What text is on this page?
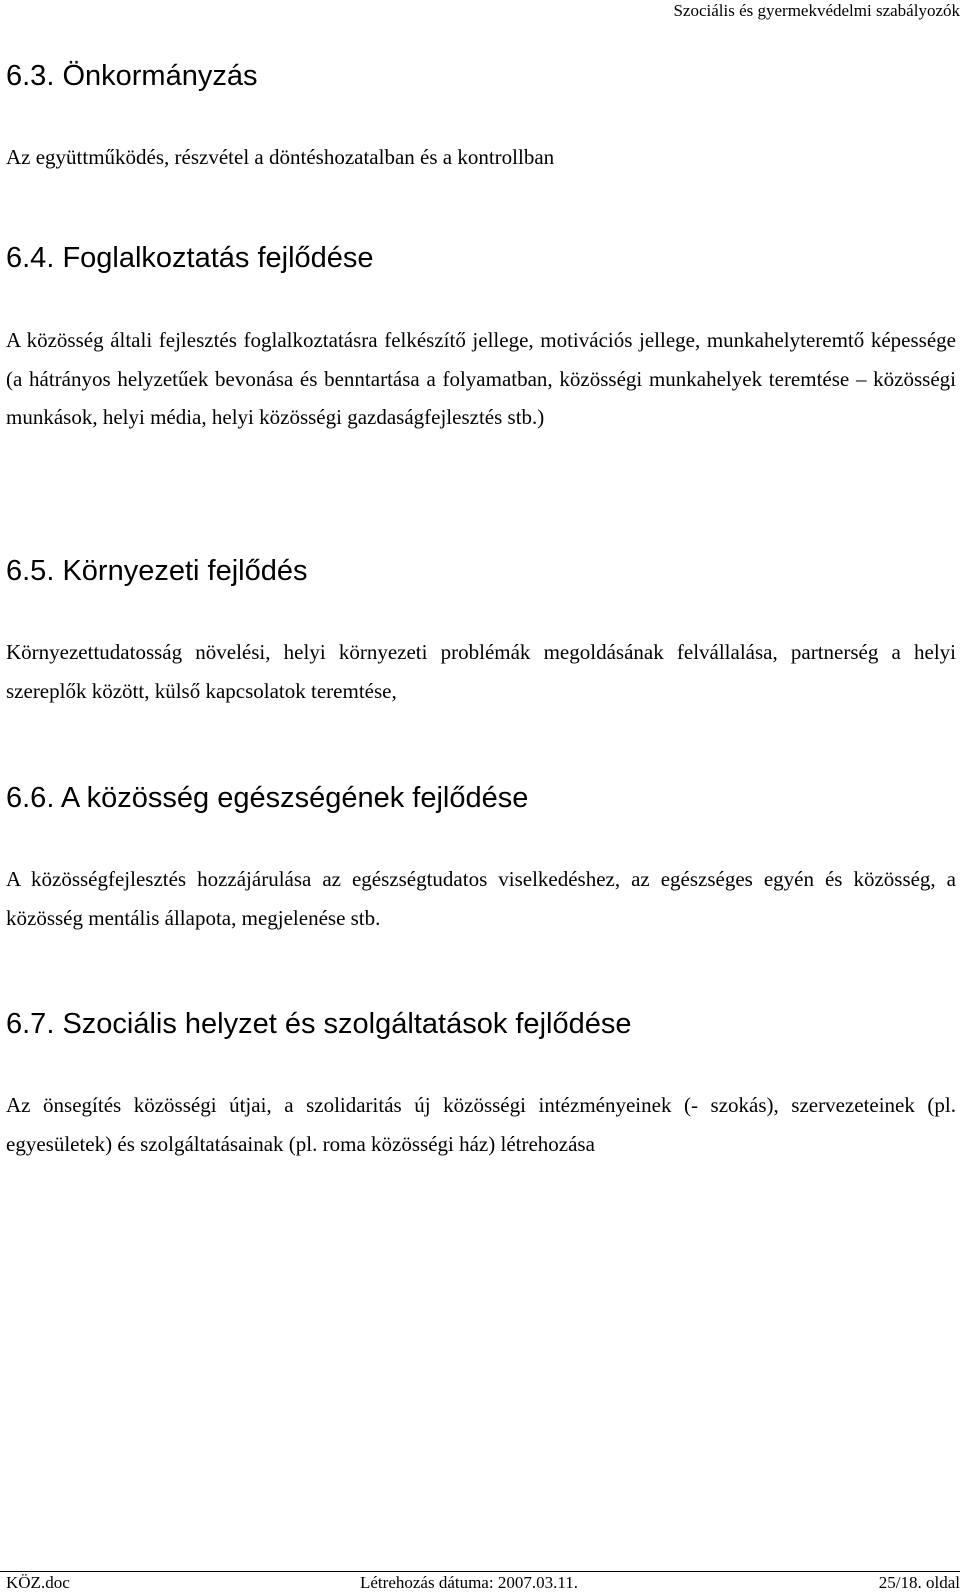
Szociális és gyermekvédelmi szabályozók
6.3. Önkormányzás
Az együttműködés, részvétel a döntéshozatalban és a kontrollban
6.4. Foglalkoztatás fejlődése
A közösség általi fejlesztés foglalkoztatásra felkészítő jellege, motivációs jellege, munkahelyteremtő képessége (a hátrányos helyzetűek bevonása és benntartása a folyamatban, közösségi munkahelyek teremtése – közösségi munkások, helyi média, helyi közösségi gazdaságfejlesztés stb.)
6.5. Környezeti fejlődés
Környezettudatosság növelési, helyi környezeti problémák megoldásának felvállalása, partnerség a helyi szereplők között, külső kapcsolatok teremtése,
6.6. A közösség egészségének fejlődése
A közösségfejlesztés hozzájárulása az egészségtudatos viselkedéshez, az egészséges egyén és közösség, a közösség mentális állapota, megjelenése stb.
6.7. Szociális helyzet és szolgáltatások fejlődése
Az önsegítés közösségi útjai, a szolidaritás új közösségi intézményeinek (- szokás), szervezeteinek (pl. egyesületek) és szolgáltatásainak (pl. roma közösségi ház) létrehozása
KÖZ.doc	Létrehozás dátuma: 2007.03.11.	25/18. oldal
